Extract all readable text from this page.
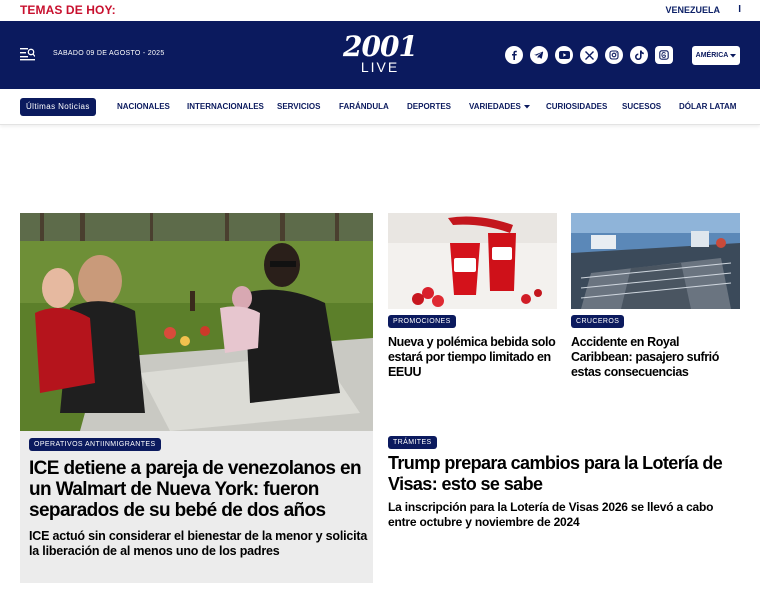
TEMAS DE HOY:	VENEZUELA I
SABADO 09 DE AGOSTO - 2025	2001
LIVE
AMÉRICA
Últimas Noticias	NACIONALES INTERNACIONALES SERVICIOS FARÁNDULA DEPORTES VARIEDADES	CURIOSIDADES SUCESOS DÓLAR LATAM
OPERATIVOS ANTIINMIGRANTES
ICE detiene a pareja de venezolanos en un Walmart de Nueva York: fueron separados de su bebé de dos años
ICE actuó sin considerar el bienestar de la menor y solicita la liberación de al menos uno de los padres
PROMOCIONES
Nueva y polémica bebida solo estará por tiempo limitado en EEUU
CRUCEROS
Accidente en Royal Caribbean: pasajero sufrió estas consecuencias
TRÁMITES
Trump prepara cambios para la Lotería de Visas: esto se sabe
La inscripción para la Lotería de Visas 2026 se llevó a cabo entre octubre y noviembre de 2024
